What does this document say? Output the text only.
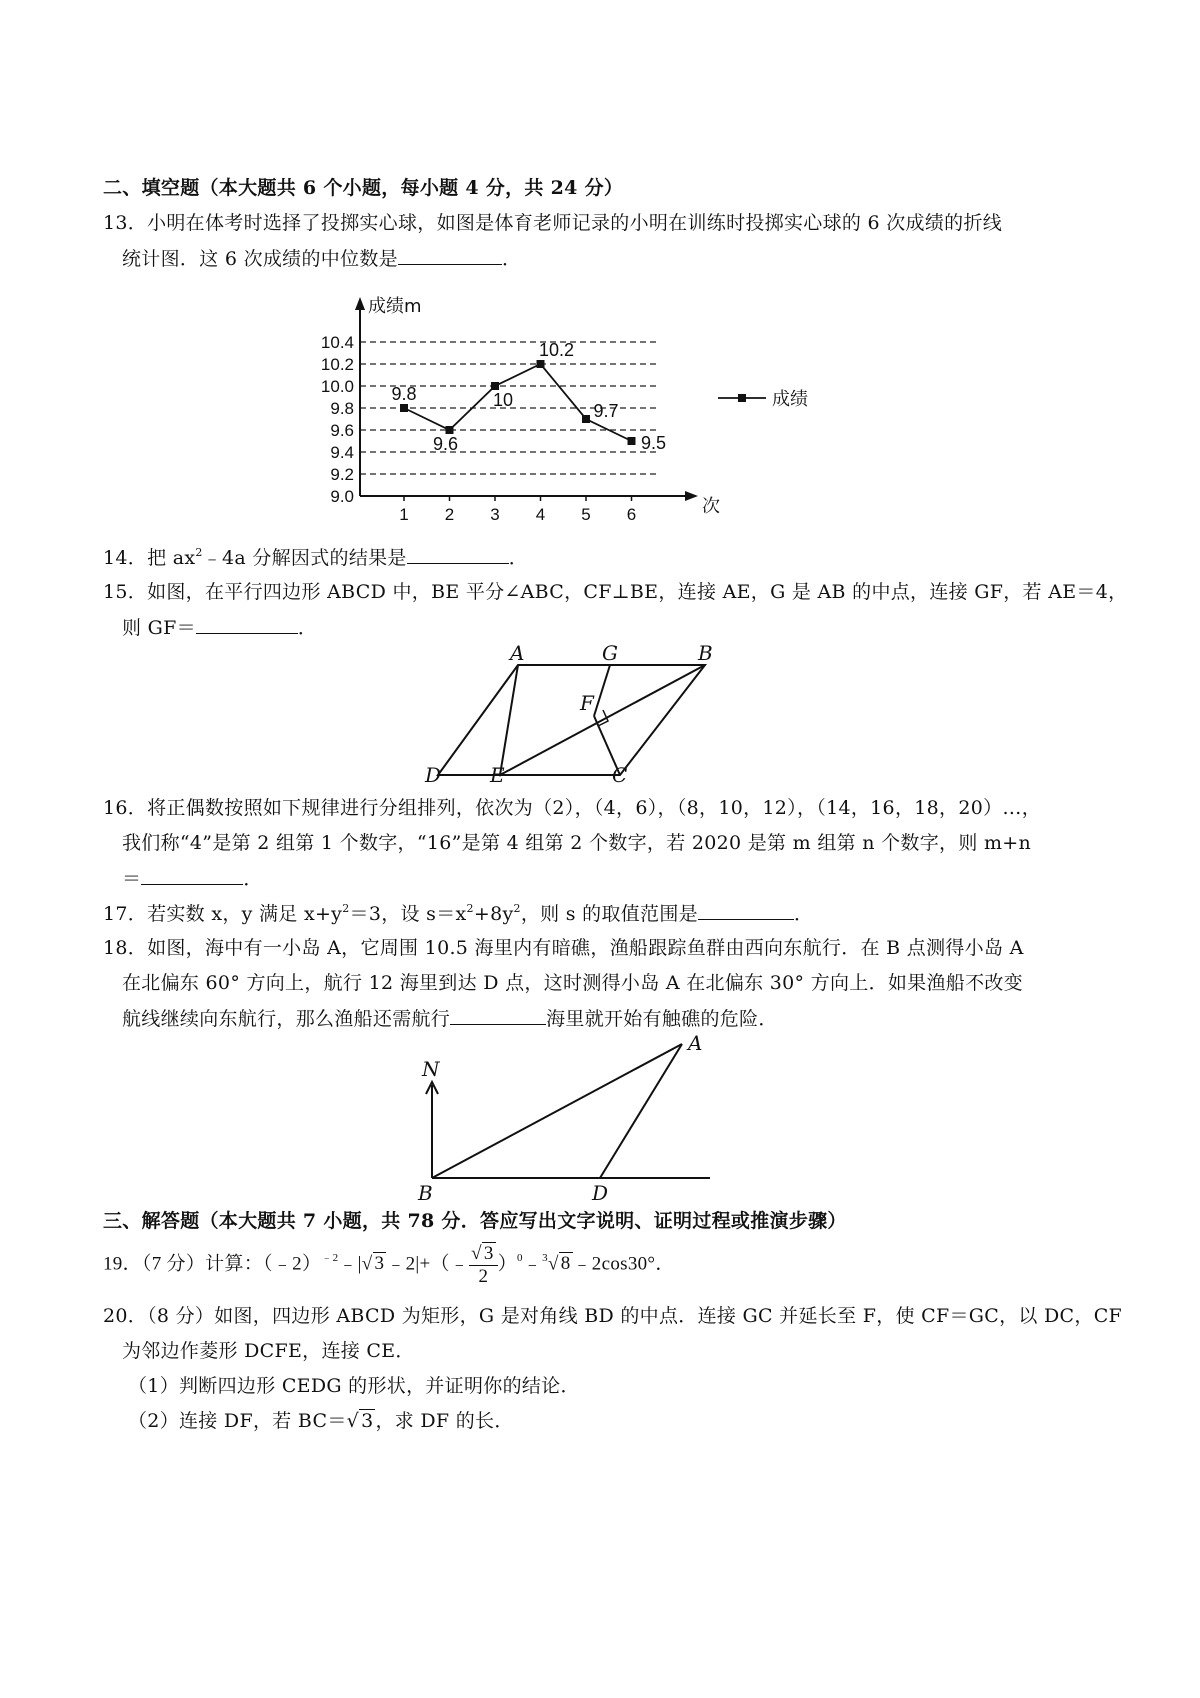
二、填空题（本大题共 6 个小题，每小题 4 分，共 24 分）
13．小明在体考时选择了投掷实心球，如图是体育老师记录的小明在训练时投掷实心球的 6 次成绩的折线
统计图．这 6 次成绩的中位数是	．
成绩m
次
9.0
9.2
9.4
9.6
9.8
10.0
10.2
10.4
1 2 3 4 5 6
9.8
9.6
10
10.2
9.7
9.5
成绩
14．把 $ax^2﹣4a$ 分解因式的结果是	．
15．如图，在平行四边形 ABCD 中，BE 平分∠ABC，CF⊥BE，连接 AE，G 是 AB 的中点，连接 GF，若 AE＝4，
则 GF＝	．
A	G	B
F
D E	C
16．将正偶数按照如下规律进行分组排列，依次为（2），（4，6），（8，10，12），（14，16，18，20）…，
我们称“4”是第 2 组第 1 个数字，“16”是第 4 组第 2 个数字，若 2020 是第 m 组第 n 个数字，则 m+n
＝	．
17．若实数 x，y 满足 $x+y^2=3$，设 $s=x^2+8y^2$，则 s 的取值范围是	．
18．如图，海中有一小岛 A，它周围 10.5 海里内有暗礁，渔船跟踪鱼群由西向东航行．在 B 点测得小岛 A
在北偏东 60° 方向上，航行 12 海里到达 D 点，这时测得小岛 A 在北偏东 30° 方向上．如果渔船不改变
航线继续向东航行，那么渔船还需航行	海里就开始有触礁的危险．
N
A
B	D
三、解答题（本大题共 7 小题，共 78 分．答应写出文字说明、证明过程或推演步骤）
19．（7 分）计算：（﹣2）$^{﹣2}$﹣|√ 3 ﹣2|+（﹣ $\frac{√ 3}{2}$ ）$^0$﹣$^3$√ 8 ﹣2cos30°．
20．（8 分）如图，四边形 ABCD 为矩形，G 是对角线 BD 的中点．连接 GC 并延长至 F，使 CF＝GC，以 DC，CF
为邻边作菱形 DCFE，连接 CE．
（1）判断四边形 CEDG 的形状，并证明你的结论．
（2）连接 DF，若 BC＝√ 3 ，求 DF 的长．
